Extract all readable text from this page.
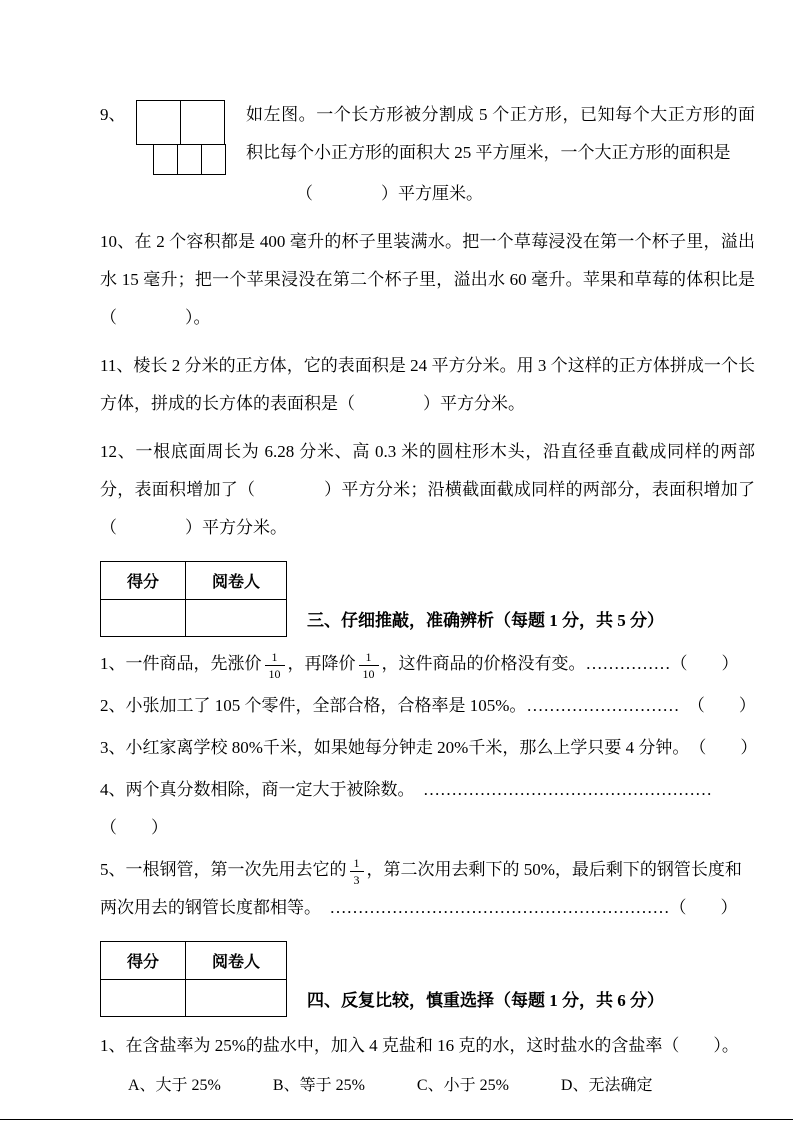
9、	如左图。一个长方形被分割成 5 个正方形，已知每个大正方形的面积比每个小正方形的面积大 25 平方厘米，一个大正方形的面积是
（　　　　）平方厘米。

10、在 2 个容积都是 400 毫升的杯子里装满水。把一个草莓浸没在第一个杯子里，溢出水 15 毫升；把一个苹果浸没在第二个杯子里，溢出水 60 毫升。苹果和草莓的体积比是（　　　　）。

11、棱长 2 分米的正方体，它的表面积是 24 平方分米。用 3 个这样的正方体拼成一个长方体，拼成的长方体的表面积是（　　　　）平方分米。

12、一根底面周长为 6.28 分米、高 0.3 米的圆柱形木头，沿直径垂直截成同样的两部分，表面积增加了（　　　　）平方分米；沿横截面截成同样的两部分，表面积增加了（　　　　）平方分米。

得分	阅卷人

三、仔细推敲，准确辨析（每题 1 分，共 5 分）
1、一件商品，先涨价 $\frac{1}{10}$ ，再降价 $\frac{1}{10}$ ，这件商品的价格没有变。……………（　　）
2、小张加工了 105 个零件，全部合格，合格率是 105%。………………………　（　　）
3、小红家离学校 80%千米，如果她每分钟走 20%千米，那么上学只要 4 分钟。　（　　）
4、两个真分数相除，商一定大于被除数。　……………………………………………（　　）
5、一根钢管，第一次先用去它的 $\frac{1}{3}$ ，第二次用去剩下的 50%，最后剩下的钢管长度和两次用去的钢管长度都相等。　……………………………………………………（　　）
得分	阅卷人

四、反复比较，慎重选择（每题 1 分，共 6 分）

1、在含盐率为 25%的盐水中，加入 4 克盐和 16 克的水，这时盐水的含盐率（　　）。

A、大于 25%	B、等于 25%	C、小于 25%	D、无法确定
